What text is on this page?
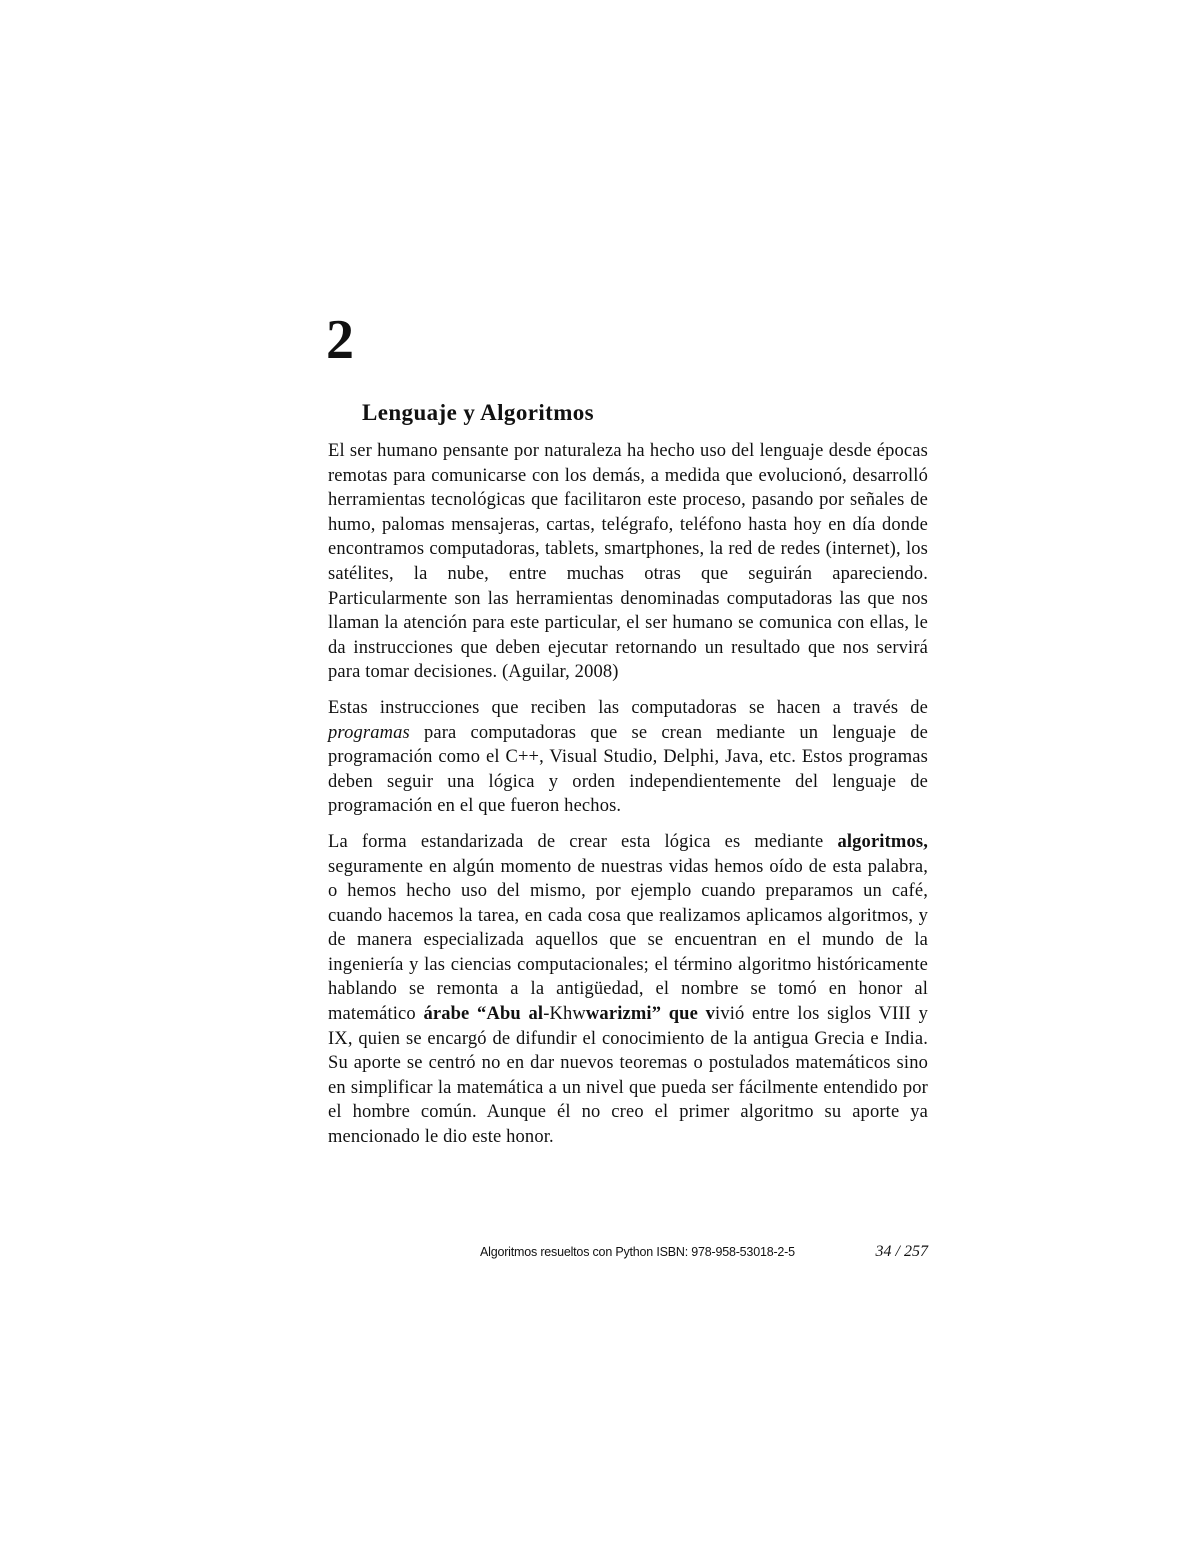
2
Lenguaje y Algoritmos

El ser humano pensante por naturaleza ha hecho uso del lenguaje desde épocas remotas para comunicarse con los demás, a medida que evolucionó, desarrolló herramientas tecnológicas que facilitaron este proceso, pasando por señales de humo, palomas mensajeras, cartas, telégrafo, teléfono hasta hoy en día donde encontramos computadoras, tablets, smartphones, la red de redes (internet), los satélites, la nube, entre muchas otras que seguirán apareciendo. Particularmente son las herramientas denominadas computadoras las que nos llaman la atención para este particular, el ser humano se comunica con ellas, le da instrucciones que deben ejecutar retornando un resultado que nos servirá para tomar decisiones. (Aguilar, 2008)

Estas instrucciones que reciben las computadoras se hacen a través de programas para computadoras que se crean mediante un lenguaje de programación como el C++, Visual Studio, Delphi, Java, etc. Estos programas deben seguir una lógica y orden independientemente del lenguaje de programación en el que fueron hechos.

La forma estandarizada de crear esta lógica es mediante algoritmos, seguramente en algún momento de nuestras vidas hemos oído de esta palabra, o hemos hecho uso del mismo, por ejemplo cuando preparamos un café, cuando hacemos la tarea, en cada cosa que realizamos aplicamos algoritmos, y de manera especializada aquellos que se encuentran en el mundo de la ingeniería y las ciencias computacionales; el término algoritmo históricamente hablando se remonta a la antigüedad, el nombre se tomó en honor al matemático árabe “Abu al-Khwwarizmi” que vivió entre los siglos VIII y IX, quien se encargó de difundir el conocimiento de la antigua Grecia e India. Su aporte se centró no en dar nuevos teoremas o postulados matemáticos sino en simplificar la matemática a un nivel que pueda ser fácilmente entendido por el hombre común. Aunque él no creo el primer algoritmo su aporte ya mencionado le dio este honor.

Algoritmos resueltos con Python ISBN: 978-958-53018-2-5	34 / 257
